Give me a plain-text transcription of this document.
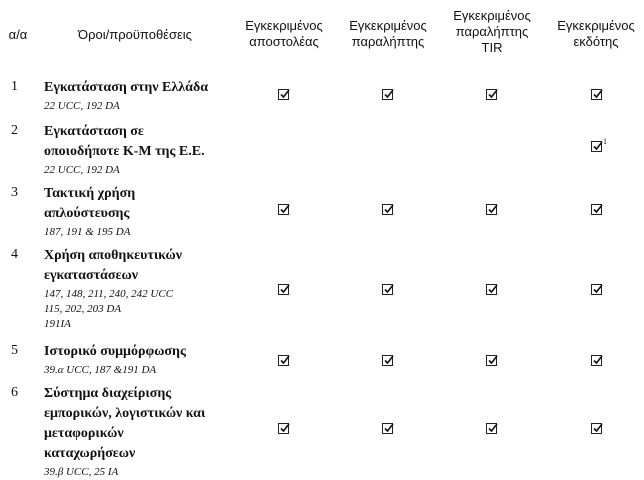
α/α	Όροι/προϋποθέσεις
Εγκεκριμένος
αποστολέας
Εγκεκριμένος
παραλήπτης
Εγκεκριμένος
παραλήπτης
TIR
Εγκεκριμένος
εκδότης
1 Εγκατάσταση στην Ελλάδα
22 UCC, 192 DA
2 Εγκατάσταση σε
οποιοδήποτε Κ-Μ της Ε.Ε.
22 UCC, 192 DA
3 Τακτική χρήση
απλούστευσης
187, 191 & 195 DA
4 Χρήση αποθηκευτικών
εγκαταστάσεων
147, 148, 211, 240, 242 UCC
115, 202, 203 DA
191IA
5 Ιστορικό συμμόρφωσης
39.α UCC, 187 &191 DA
6 Σύστημα διαχείρισης
εμπορικών, λογιστικών και
μεταφορικών
καταχωρήσεων
39.β UCC, 25 IA
1
